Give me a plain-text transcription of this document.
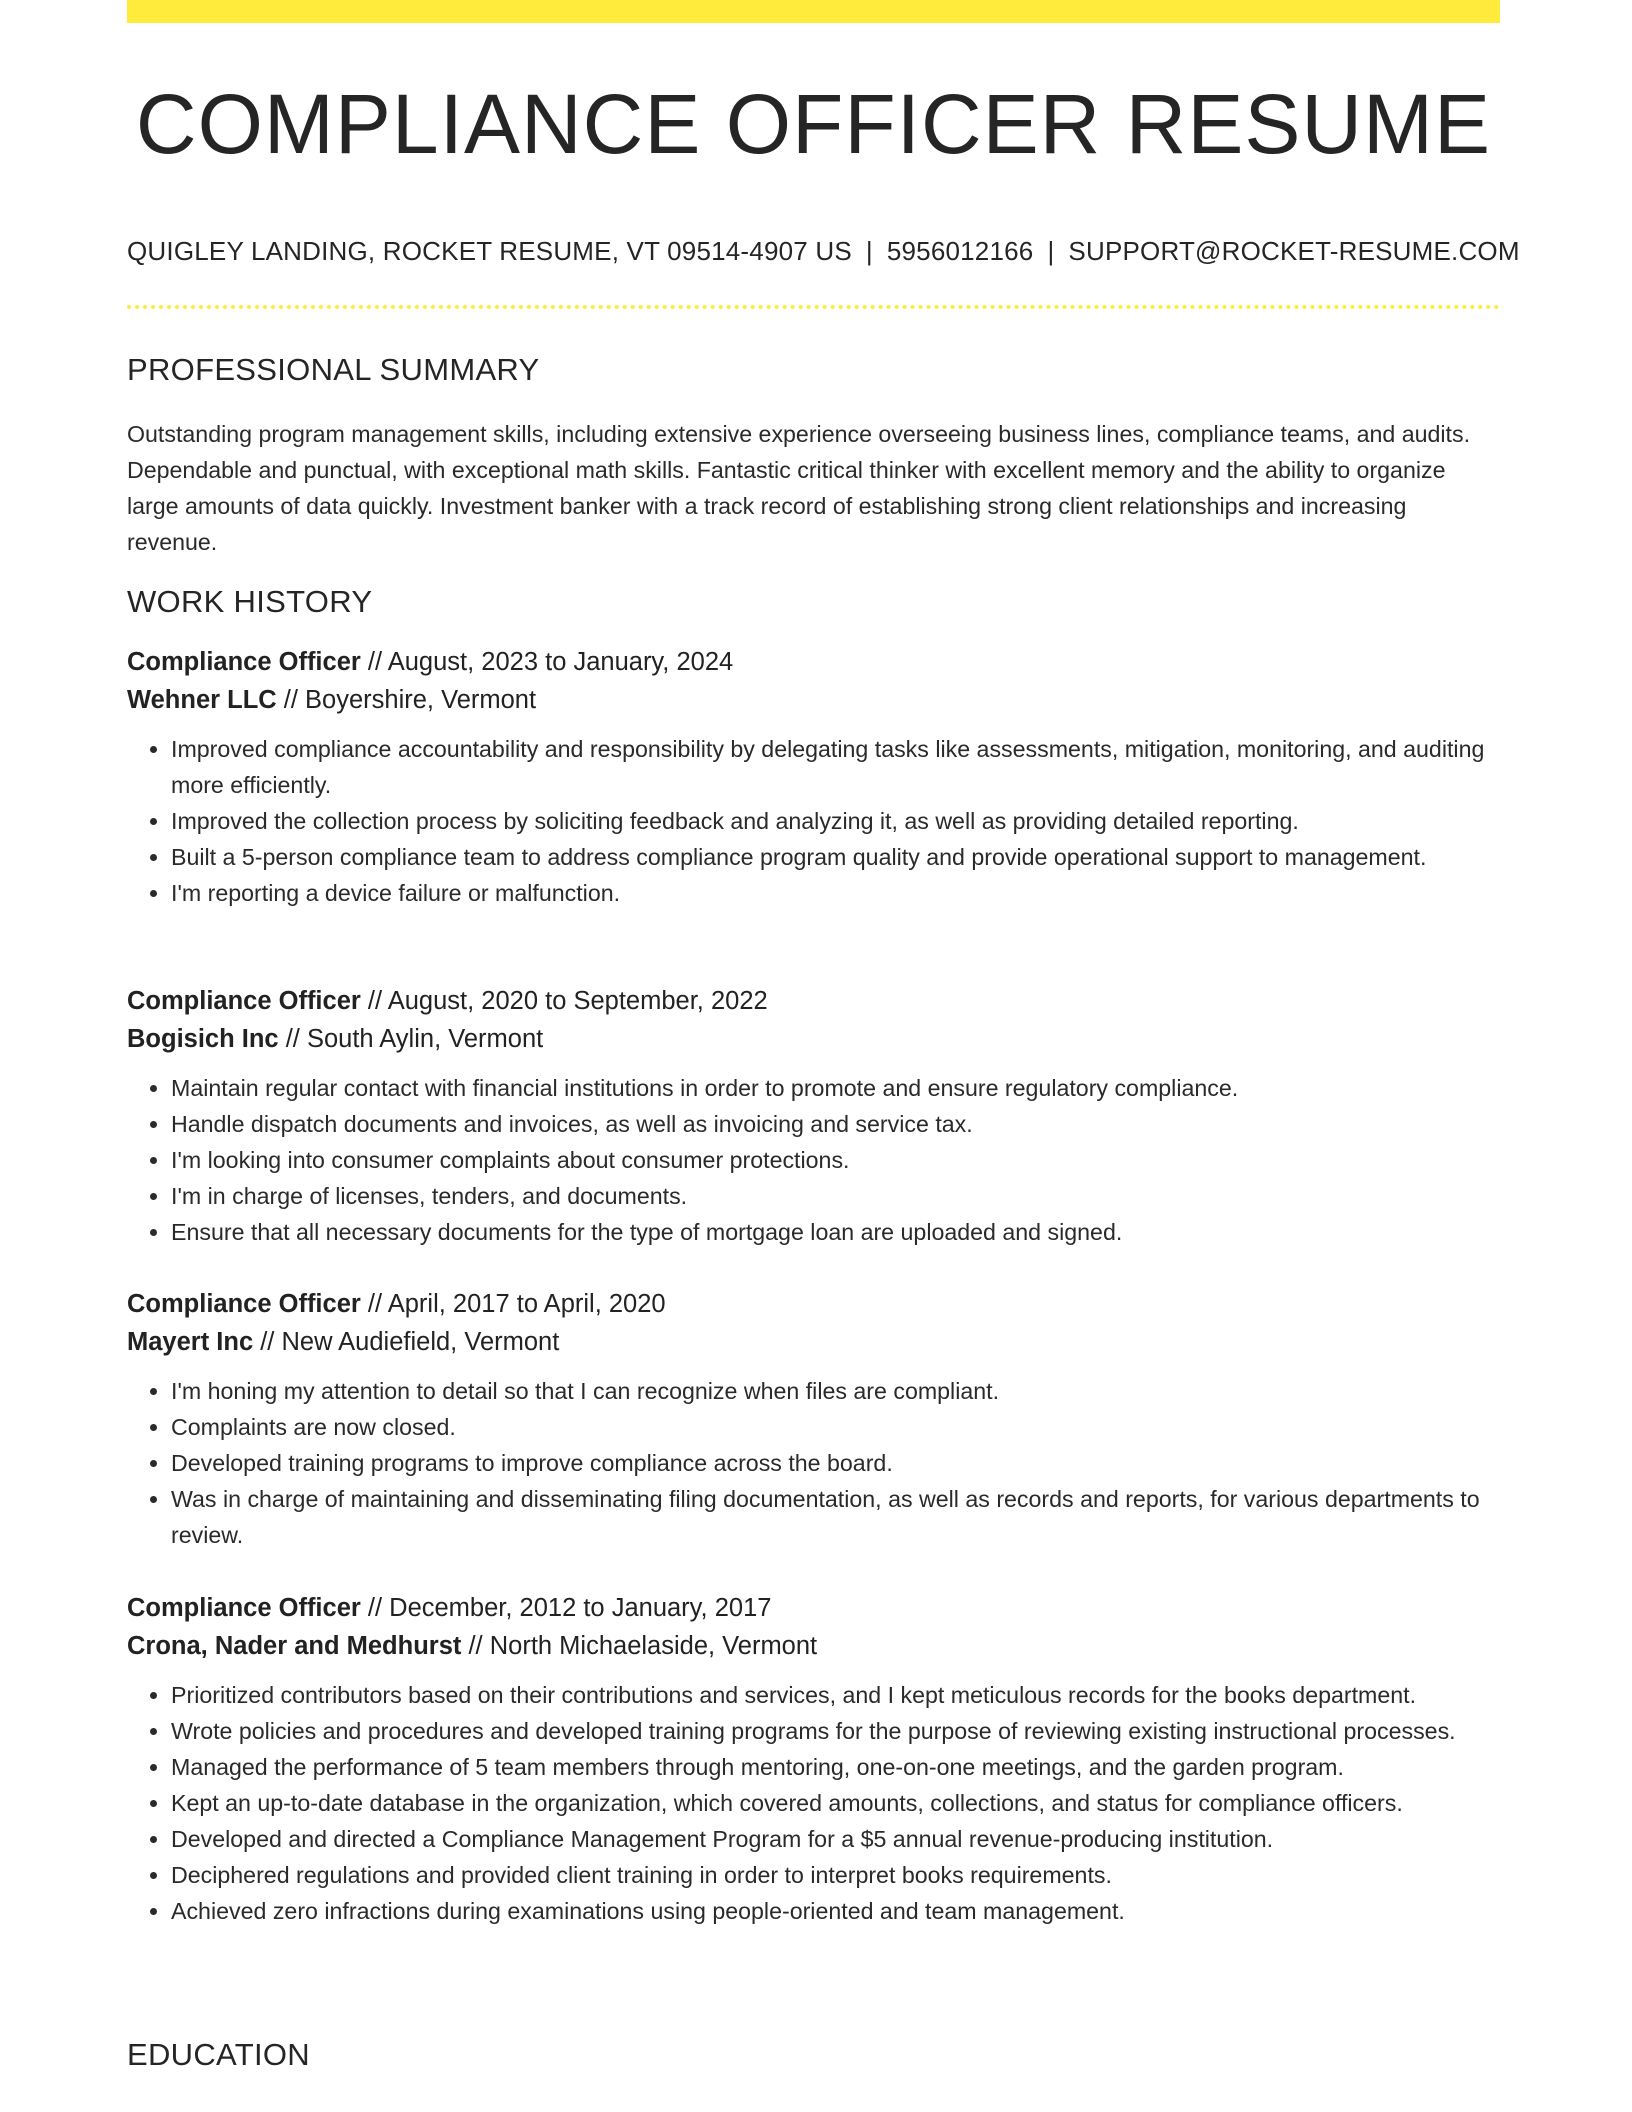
COMPLIANCE OFFICER RESUME
QUIGLEY LANDING, ROCKET RESUME, VT 09514-4907 US | 5956012166 | SUPPORT@ROCKET-RESUME.COM
PROFESSIONAL SUMMARY

Outstanding program management skills, including extensive experience overseeing business lines, compliance teams, and audits. Dependable and punctual, with exceptional math skills. Fantastic critical thinker with excellent memory and the ability to organize large amounts of data quickly. Investment banker with a track record of establishing strong client relationships and increasing revenue.

WORK HISTORY
Compliance Officer // August, 2023 to January, 2024
Wehner LLC // Boyershire, Vermont
• Improved compliance accountability and responsibility by delegating tasks like assessments, mitigation, monitoring, and auditing more efficiently.
• Improved the collection process by soliciting feedback and analyzing it, as well as providing detailed reporting.
• Built a 5-person compliance team to address compliance program quality and provide operational support to management.
• I'm reporting a device failure or malfunction.
Compliance Officer // August, 2020 to September, 2022
Bogisich Inc // South Aylin, Vermont
• Maintain regular contact with financial institutions in order to promote and ensure regulatory compliance.
• Handle dispatch documents and invoices, as well as invoicing and service tax.
• I'm looking into consumer complaints about consumer protections.
• I'm in charge of licenses, tenders, and documents.
• Ensure that all necessary documents for the type of mortgage loan are uploaded and signed.
Compliance Officer // April, 2017 to April, 2020
Mayert Inc // New Audiefield, Vermont
• I'm honing my attention to detail so that I can recognize when files are compliant.
• Complaints are now closed.
• Developed training programs to improve compliance across the board.
• Was in charge of maintaining and disseminating filing documentation, as well as records and reports, for various departments to review.
Compliance Officer // December, 2012 to January, 2017
Crona, Nader and Medhurst // North Michaelaside, Vermont
• Prioritized contributors based on their contributions and services, and I kept meticulous records for the books department.
• Wrote policies and procedures and developed training programs for the purpose of reviewing existing instructional processes.
• Managed the performance of 5 team members through mentoring, one-on-one meetings, and the garden program.
• Kept an up-to-date database in the organization, which covered amounts, collections, and status for compliance officers.
• Developed and directed a Compliance Management Program for a $5 annual revenue-producing institution.
• Deciphered regulations and provided client training in order to interpret books requirements.
• Achieved zero infractions during examinations using people-oriented and team management.
EDUCATION
